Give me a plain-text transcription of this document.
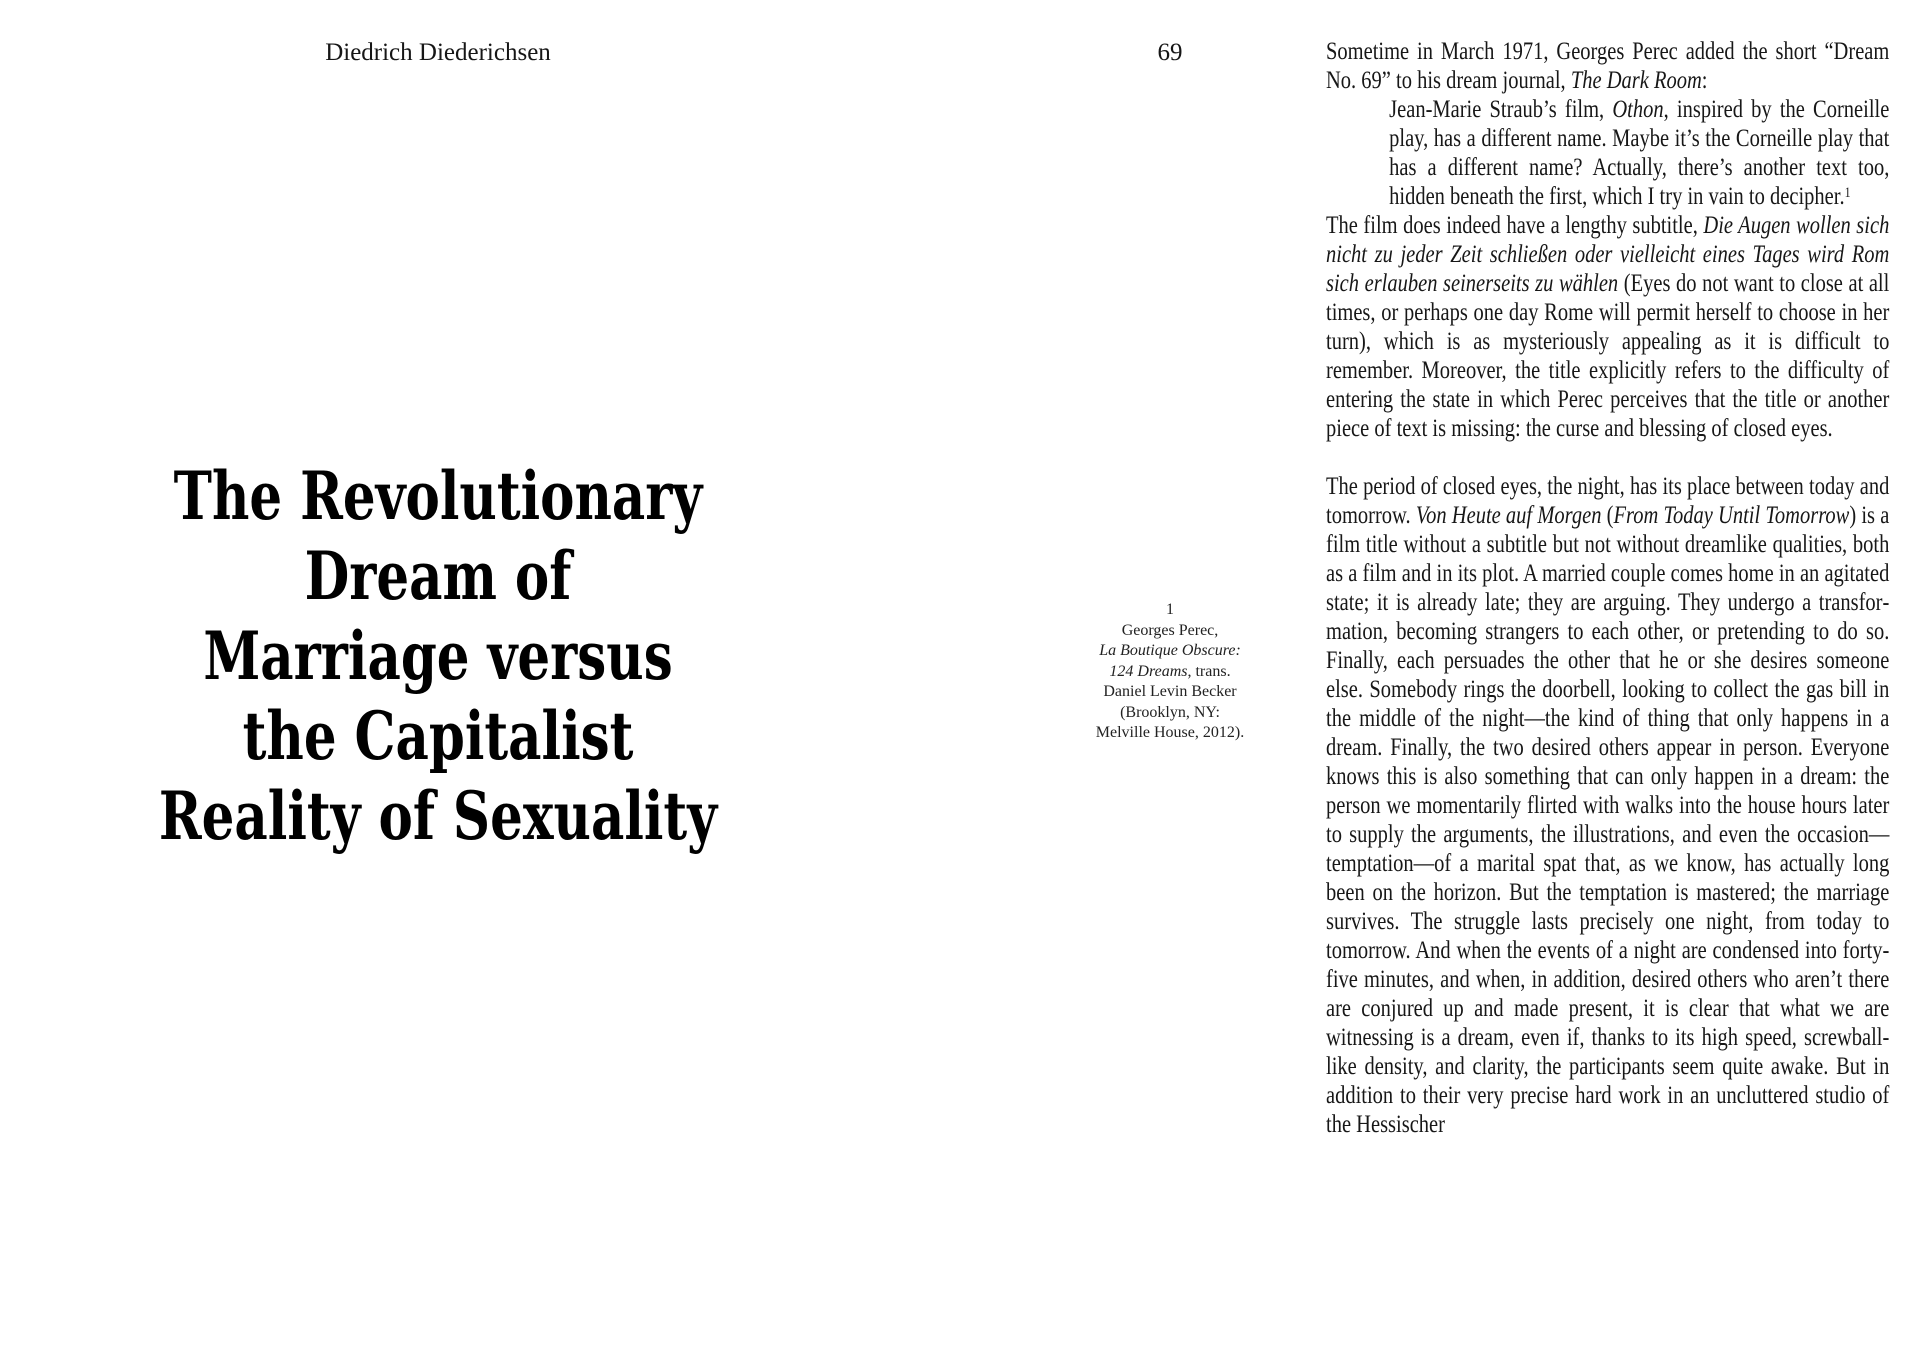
Diedrich Diederichsen	69
The Revolutionary
Dream of
Marriage versus
the Capitalist
Reality of Sexuality
1
Georges Perec,
La Boutique Obscure:
124 Dreams, trans.
Daniel Levin Becker
(Brooklyn, NY:
Melville House, 2012).

Sometime in March 1971, Georges Perec added the short “Dream No. 69” to his dream journal, The Dark Room:

Jean-Marie Straub’s film, Othon, inspired by the Corneille play, has a different name. Maybe it’s the Corneille play that has a different name? Actually, there’s another text too, hidden beneath the first, which I try in vain to decipher.$^1$

The film does indeed have a lengthy subtitle, Die Augen wollen sich nicht zu jeder Zeit schließen oder vielleicht eines Tages wird Rom sich erlauben seinerseits zu wählen (Eyes do not want to close at all times, or perhaps one day Rome will permit herself to choose in her turn), which is as mysteriously appealing as it is difficult to remember. Moreover, the title explicitly refers to the difficulty of entering the state in which Perec perceives that the title or another piece of text is missing: the curse and blessing of closed eyes.

The period of closed eyes, the night, has its place between today and tomorrow. Von Heute auf Morgen (From Today Until Tomorrow) is a film title without a subtitle but not without dreamlike qualities, both as a film and in its plot. A married couple comes home in an agitated state; it is already late; they are arguing. They undergo a transformation, becoming strangers to each other, or pretending to do so. Finally, each persuades the other that he or she desires someone else. Somebody rings the doorbell, looking to collect the gas bill in the middle of the night—the kind of thing that only happens in a dream. Finally, the two desired others appear in person. Everyone knows this is also something that can only happen in a dream: the person we momentarily flirted with walks into the house hours later to supply the arguments, the illustrations, and even the occasion—temptation—of a marital spat that, as we know, has actually long been on the horizon. But the temptation is mastered; the marriage survives. The struggle lasts precisely one night, from today to tomorrow. And when the events of a night are condensed into forty-five minutes, and when, in addition, desired others who aren’t there are conjured up and made present, it is clear that what we are witnessing is a dream, even if, thanks to its high speed, screwball-like density, and clarity, the participants seem quite awake. But in addition to their very precise hard work in an uncluttered studio of the Hessischer
